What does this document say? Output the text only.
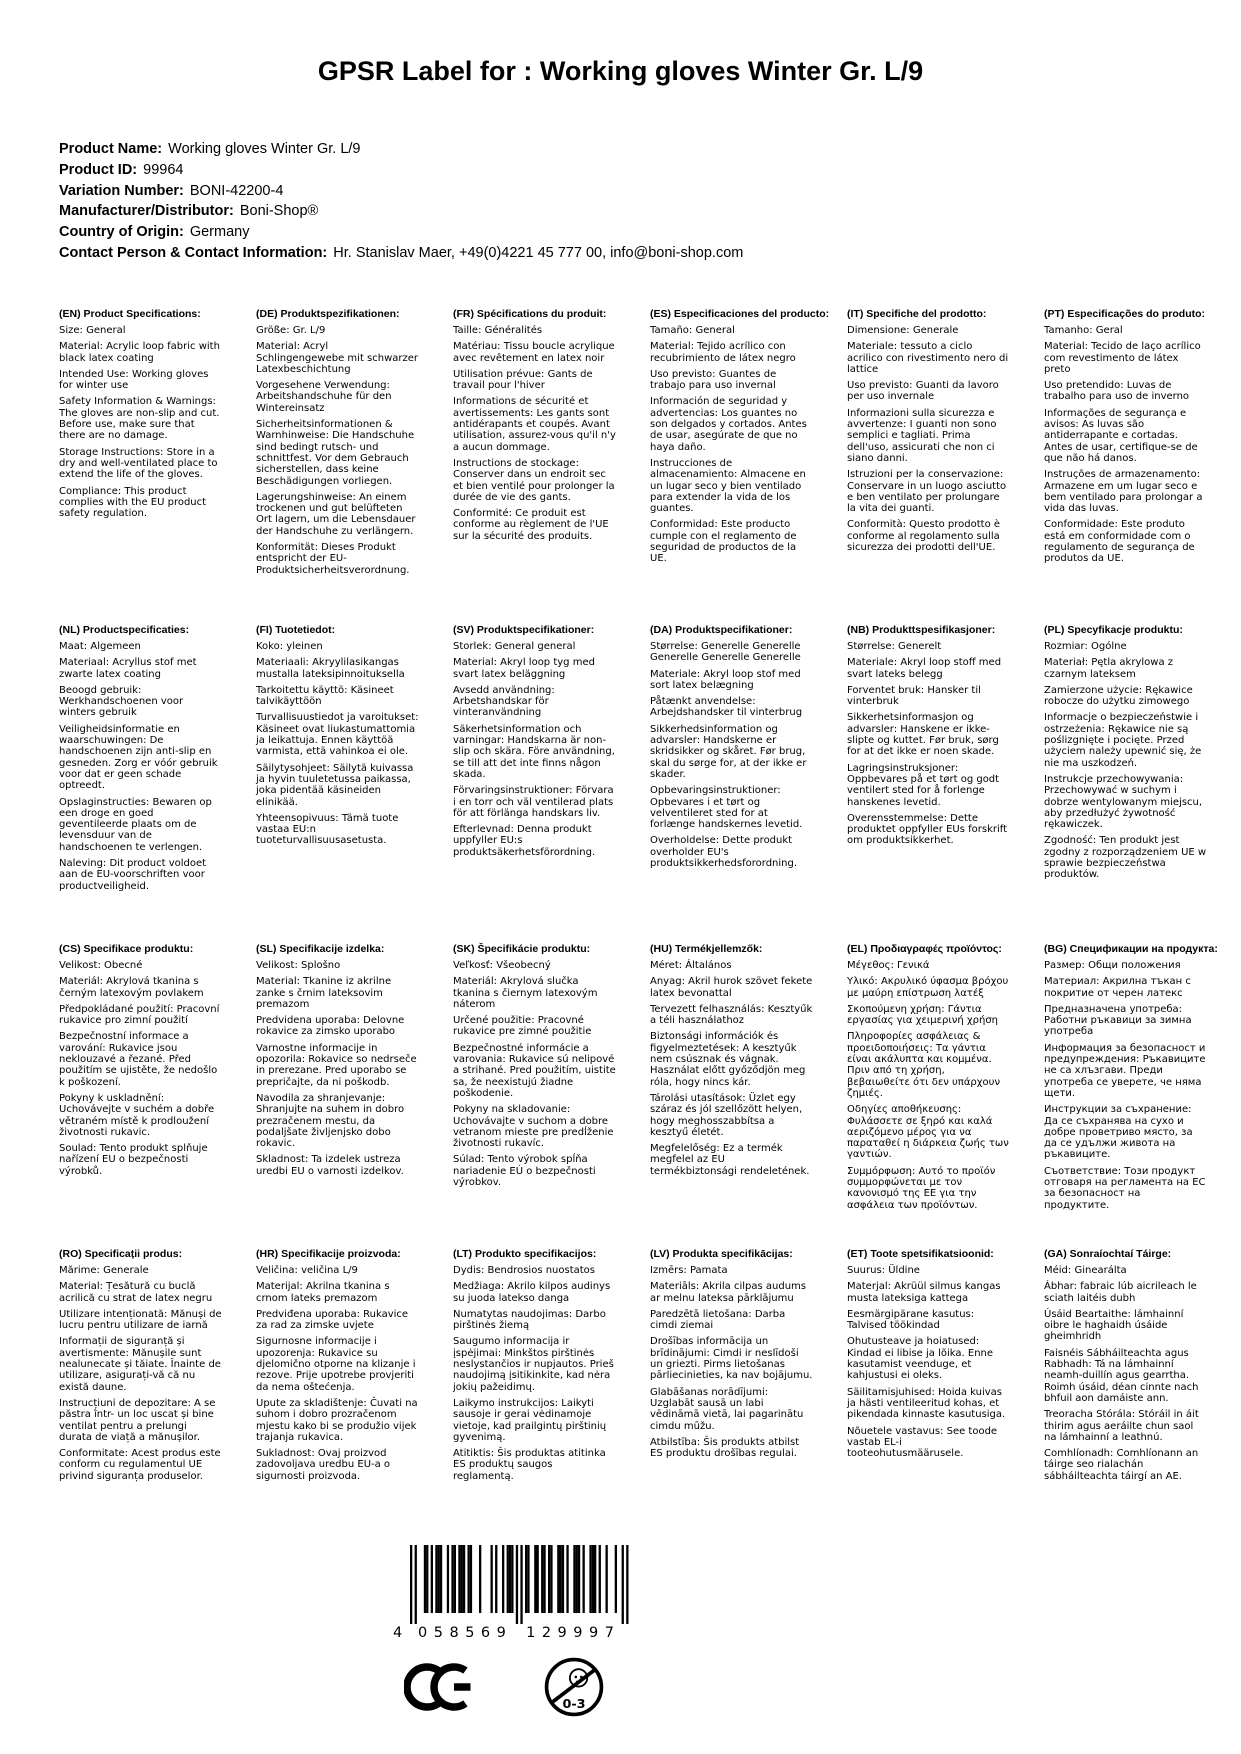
GPSR Label for : Working gloves Winter Gr. L/9
Product Name: Working gloves Winter Gr. L/9
Product ID: 99964
Variation Number: BONI-42200-4
Manufacturer/Distributor: Boni-Shop®
Country of Origin: Germany
Contact Person & Contact Information: Hr. Stanislav Maer, +49(0)4221 45 777 00, info@boni-shop.com
(EN) Product Specifications:

Size: General

Material: Acrylic loop fabric with black latex coating

Intended Use: Working gloves for winter use

Safety Information & Warnings: The gloves are non-slip and cut. Before use, make sure that there are no damage.

Storage Instructions: Store in a dry and well-ventilated place to extend the life of the gloves.

Compliance: This product complies with the EU product safety regulation.

(DE) Produktspezifikationen:

Größe: Gr. L/9

Material: Acryl Schlingengewebe mit schwarzer Latexbeschichtung

Vorgesehene Verwendung: Arbeitshandschuhe für den Wintereinsatz

Sicherheitsinformationen & Warnhinweise: Die Handschuhe sind bedingt rutsch- und schnittfest. Vor dem Gebrauch sicherstellen, dass keine Beschädigungen vorliegen.

Lagerungshinweise: An einem trockenen und gut belüfteten Ort lagern, um die Lebensdauer der Handschuhe zu verlängern.

Konformität: Dieses Produkt entspricht der EU-Produktsicherheitsverordnung.

(FR) Spécifications du produit:

Taille: Généralités

Matériau: Tissu boucle acrylique avec revêtement en latex noir

Utilisation prévue: Gants de travail pour l'hiver

Informations de sécurité et avertissements: Les gants sont antidérapants et coupés. Avant utilisation, assurez-vous qu'il n'y a aucun dommage.

Instructions de stockage: Conserver dans un endroit sec et bien ventilé pour prolonger la durée de vie des gants.

Conformité: Ce produit est conforme au règlement de l'UE sur la sécurité des produits.

(ES) Especificaciones del producto:

Tamaño: General

Material: Tejido acrílico con recubrimiento de látex negro

Uso previsto: Guantes de trabajo para uso invernal

Información de seguridad y advertencias: Los guantes no son delgados y cortados. Antes de usar, asegúrate de que no haya daño.

Instrucciones de almacenamiento: Almacene en un lugar seco y bien ventilado para extender la vida de los guantes.

Conformidad: Este producto cumple con el reglamento de seguridad de productos de la UE.

(IT) Specifiche del prodotto:

Dimensione: Generale

Materiale: tessuto a ciclo acrilico con rivestimento nero di lattice

Uso previsto: Guanti da lavoro per uso invernale

Informazioni sulla sicurezza e avvertenze: I guanti non sono semplici e tagliati. Prima dell'uso, assicurati che non ci siano danni.

Istruzioni per la conservazione: Conservare in un luogo asciutto e ben ventilato per prolungare la vita dei guanti.

Conformità: Questo prodotto è conforme al regolamento sulla sicurezza dei prodotti dell'UE.

(PT) Especificações do produto:

Tamanho: Geral

Material: Tecido de laço acrílico com revestimento de látex preto

Uso pretendido: Luvas de trabalho para uso de inverno

Informações de segurança e avisos: As luvas são antiderrapante e cortadas. Antes de usar, certifique-se de que não há danos.

Instruções de armazenamento: Armazene em um lugar seco e bem ventilado para prolongar a vida das luvas.

Conformidade: Este produto está em conformidade com o regulamento de segurança de produtos da UE.

(NL) Productspecificaties:

Maat: Algemeen

Materiaal: Acryllus stof met zwarte latex coating

Beoogd gebruik: Werkhandschoenen voor winters gebruik

Veiligheidsinformatie en waarschuwingen: De handschoenen zijn anti-slip en gesneden. Zorg er vóór gebruik voor dat er geen schade optreedt.

Opslaginstructies: Bewaren op een droge en goed geventileerde plaats om de levensduur van de handschoenen te verlengen.

Naleving: Dit product voldoet aan de EU-voorschriften voor productveiligheid.

(FI) Tuotetiedot:

Koko: yleinen

Materiaali: Akryylilasikangas mustalla lateksipinnoituksella

Tarkoitettu käyttö: Käsineet talvikäyttöön

Turvallisuustiedot ja varoitukset: Käsineet ovat liukastumattomia ja leikattuja. Ennen käyttöä varmista, että vahinkoa ei ole.

Säilytysohjeet: Säilytä kuivassa ja hyvin tuuletetussa paikassa, joka pidentää käsineiden elinikää.

Yhteensopivuus: Tämä tuote vastaa EU:n tuoteturvallisuusasetusta.

(SV) Produktspecifikationer:

Storlek: General general

Material: Akryl loop tyg med svart latex beläggning

Avsedd användning: Arbetshandskar för vinteranvändning

Säkerhetsinformation och varningar: Handskarna är non-slip och skära. Före användning, se till att det inte finns någon skada.

Förvaringsinstruktioner: Förvara i en torr och väl ventilerad plats för att förlänga handskars liv.

Efterlevnad: Denna produkt uppfyller EU:s produktsäkerhetsförordning.

(DA) Produktspecifikationer:

Størrelse: Generelle Generelle Generelle Generelle Generelle

Materiale: Akryl loop stof med sort latex belægning

Påtænkt anvendelse: Arbejdshandsker til vinterbrug

Sikkerhedsinformation og advarsler: Handskerne er skridsikker og skåret. Før brug, skal du sørge for, at der ikke er skader.

Opbevaringsinstruktioner: Opbevares i et tørt og velventileret sted for at forlænge handskernes levetid.

Overholdelse: Dette produkt overholder EU's produktsikkerhedsforordning.

(NB) Produkttspesifikasjoner:

Størrelse: Generelt

Materiale: Akryl loop stoff med svart lateks belegg

Forventet bruk: Hansker til vinterbruk

Sikkerhetsinformasjon og advarsler: Hanskene er ikke-slipte og kuttet. Før bruk, sørg for at det ikke er noen skade.

Lagringsinstruksjoner: Oppbevares på et tørt og godt ventilert sted for å forlenge hanskenes levetid.

Overensstemmelse: Dette produktet oppfyller EUs forskrift om produktsikkerhet.

(PL) Specyfikacje produktu:

Rozmiar: Ogólne

Materiał: Pętla akrylowa z czarnym lateksem

Zamierzone użycie: Rękawice robocze do użytku zimowego

Informacje o bezpieczeństwie i ostrzeżenia: Rękawice nie są poślizgnięte i pocięte. Przed użyciem należy upewnić się, że nie ma uszkodzeń.

Instrukcje przechowywania: Przechowywać w suchym i dobrze wentylowanym miejscu, aby przedłużyć żywotność rękawiczek.

Zgodność: Ten produkt jest zgodny z rozporządzeniem UE w sprawie bezpieczeństwa produktów.

(CS) Specifikace produktu:

Velikost: Obecné

Materiál: Akrylová tkanina s černým latexovým povlakem

Předpokládané použití: Pracovní rukavice pro zimní použití

Bezpečnostní informace a varování: Rukavice jsou neklouzavé a řezané. Před použitím se ujistěte, že nedošlo k poškození.

Pokyny k uskladnění: Uchovávejte v suchém a dobře větraném místě k prodloužení životnosti rukavic.

Soulad: Tento produkt splňuje nařízení EU o bezpečnosti výrobků.

(SL) Specifikacije izdelka:

Velikost: Splošno

Material: Tkanine iz akrilne zanke s črnim lateksovim premazom

Predvidena uporaba: Delovne rokavice za zimsko uporabo

Varnostne informacije in opozorila: Rokavice so nedrseče in prerezane. Pred uporabo se prepričajte, da ni poškodb.

Navodila za shranjevanje: Shranjujte na suhem in dobro prezračenem mestu, da podaljšate življenjsko dobo rokavic.

Skladnost: Ta izdelek ustreza uredbi EU o varnosti izdelkov.

(SK) Špecifikácie produktu:

Veľkosť: Všeobecný

Materiál: Akrylová slučka tkanina s čiernym latexovým náterom

Určené použitie: Pracovné rukavice pre zimné použitie

Bezpečnostné informácie a varovania: Rukavice sú nelipové a strihané. Pred použitím, uistite sa, že neexistujú žiadne poškodenie.

Pokyny na skladovanie: Uchovávajte v suchom a dobre vetranom mieste pre predĺženie životnosti rukavíc.

Súlad: Tento výrobok spĺňa nariadenie EÚ o bezpečnosti výrobkov.

(HU) Termékjellemzők:

Méret: Általános

Anyag: Akril hurok szövet fekete latex bevonattal

Tervezett felhasználás: Kesztyűk a téli használathoz

Biztonsági információk és figyelmeztetések: A kesztyűk nem csúsznak és vágnak. Használat előtt győződjön meg róla, hogy nincs kár.

Tárolási utasítások: Üzlet egy száraz és jól szellőzött helyen, hogy meghosszabbítsa a kesztyű életét.

Megfelelőség: Ez a termék megfelel az EU termékbiztonsági rendeletének.

(EL) Προδιαγραφές προϊόντος:

Μέγεθος: Γενικά

Υλικό: Ακρυλικό ύφασμα βρόχου με μαύρη επίστρωση λατέξ

Σκοπούμενη χρήση: Γάντια εργασίας για χειμερινή χρήση

Πληροφορίες ασφάλειας & προειδοποιήσεις: Τα γάντια είναι ακάλυπτα και κομμένα. Πριν από τη χρήση, βεβαιωθείτε ότι δεν υπάρχουν ζημιές.

Οδηγίες αποθήκευσης: Φυλάσσετε σε ξηρό και καλά αεριζόμενο μέρος για να παραταθεί η διάρκεια ζωής των γαντιών.

Συμμόρφωση: Αυτό το προϊόν συμμορφώνεται με τον κανονισμό της ΕΕ για την ασφάλεια των προϊόντων.

(BG) Спецификации на продукта:

Размер: Общи положения

Материал: Акрилна тъкан с покритие от черен латекс

Предназначена употреба: Работни ръкавици за зимна употреба

Информация за безопасност и предупреждения: Ръкавиците не са хлъзгави. Преди употреба се уверете, че няма щети.

Инструкции за съхранение: Да се съхранява на сухо и добре проветриво място, за да се удължи живота на ръкавиците.

Съответствие: Този продукт отговаря на регламента на ЕС за безопасност на продуктите.

(RO) Specificații produs:

Mărime: Generale

Material: Țesătură cu buclă acrilică cu strat de latex negru

Utilizare intenționată: Mănuși de lucru pentru utilizare de iarnă

Informații de siguranță și avertismente: Mănușile sunt nealunecate și tăiate. Înainte de utilizare, asigurați-vă că nu există daune.

Instrucțiuni de depozitare: A se păstra într- un loc uscat și bine ventilat pentru a prelungi durata de viață a mănușilor.

Conformitate: Acest produs este conform cu regulamentul UE privind siguranța produselor.

(HR) Specifikacije proizvoda:

Veličina: veličina L/9

Materijal: Akrilna tkanina s crnom lateks premazom

Predviđena uporaba: Rukavice za rad za zimske uvjete

Sigurnosne informacije i upozorenja: Rukavice su djelomično otporne na klizanje i rezove. Prije upotrebe provjeriti da nema oštećenja.

Upute za skladištenje: Čuvati na suhom i dobro prozračenom mjestu kako bi se produžio vijek trajanja rukavica.

Sukladnost: Ovaj proizvod zadovoljava uredbu EU-a o sigurnosti proizvoda.

(LT) Produkto specifikacijos:

Dydis: Bendrosios nuostatos

Medžiaga: Akrilo kilpos audinys su juoda latekso danga

Numatytas naudojimas: Darbo pirštinės žiemą

Saugumo informacija ir įspėjimai: Minkštos pirštinės neslystančios ir nupjautos. Prieš naudojimą įsitikinkite, kad nėra jokių pažeidimų.

Laikymo instrukcijos: Laikyti sausoje ir gerai vėdinamoje vietoje, kad prailgintų pirštinių gyvenimą.

Atitiktis: Šis produktas atitinka ES produktų saugos reglamentą.

(LV) Produkta specifikācijas:

Izmērs: Pamata

Materiāls: Akrila cilpas audums ar melnu lateksa pārklājumu

Paredzētā lietošana: Darba cimdi ziemai

Drošības informācija un brīdinājumi: Cimdi ir neslīdoši un griezti. Pirms lietošanas pārliecinieties, ka nav bojājumu.

Glabāšanas norādījumi: Uzglabāt sausā un labi vēdināmā vietā, lai pagarinātu cimdu mūžu.

Atbilstība: Šis produkts atbilst ES produktu drošības regulai.

(ET) Toote spetsifikatsioonid:

Suurus: Üldine

Materjal: Akrüül silmus kangas musta lateksiga kattega

Eesmärgipärane kasutus: Talvised töökindad

Ohutusteave ja hoiatused: Kindad ei libise ja lõika. Enne kasutamist veenduge, et kahjustusi ei oleks.

Säilitamisjuhised: Hoida kuivas ja hästi ventileeritud kohas, et pikendada kinnaste kasutusiga.

Nõuetele vastavus: See toode vastab EL-i tooteohutusmäärusele.

(GA) Sonraíochtaí Táirge:

Méid: Ginearálta

Ábhar: fabraic lúb aicrileach le sciath laitéis dubh

Úsáid Beartaithe: lámhainní oibre le haghaidh úsáide gheimhridh

Faisnéis Sábháilteachta agus Rabhadh: Tá na lámhainní neamh-duillín agus gearrtha. Roimh úsáid, déan cinnte nach bhfuil aon damáiste ann.

Treoracha Stórála: Stóráil in áit thirim agus aeráilte chun saol na lámhainní a leathnú.

Comhlíonadh: Comhlíonann an táirge seo rialachán sábháilteachta táirgí an AE.

4 058569 129997
0-3
